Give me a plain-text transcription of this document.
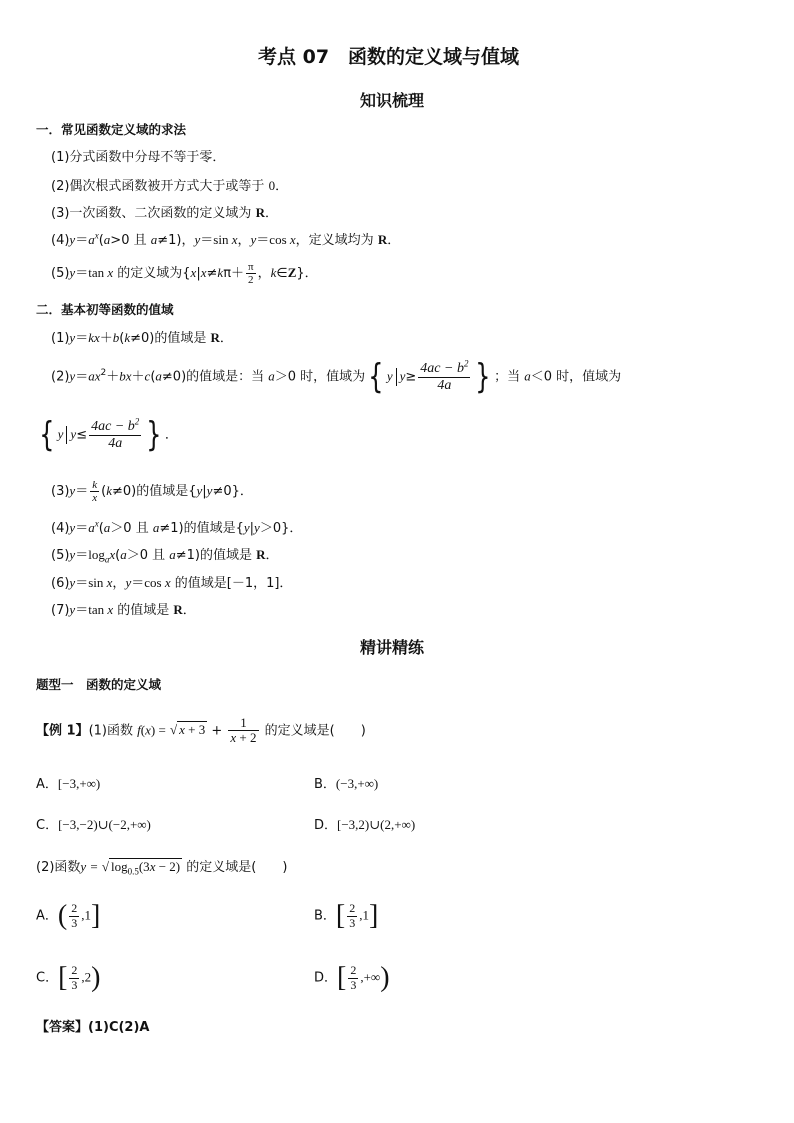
考点 07　函数的定义域与值域
知识梳理
一．常见函数定义域的求法
(1)分式函数中分母不等于零．
(2)偶次根式函数被开方式大于或等于 0．
(3)一次函数、二次函数的定义域为 R．
$(4)y=a^x(a>0$ 且 a≠1)，y＝sin x，y＝cos x，定义域均为 R．
(5)y＝tan x 的定义域为{$x|x\ne k\pi+ \frac{\pi}{2}$ ，k∈Z}．
二．基本初等函数的值域
(1)y＝kx＋b(k≠0)的值域是 R．
$(2)y=ax^2+bx+c(a\ne 0)$的值域是：当 a＞0 时，值域为{ y $y\ge \frac{4ac - b^2}{4a}$ } ；当 a＜0 时，值域为
{ y $y\le \frac{4ac - b^2}{4a}$ } ．
$(3)y= \frac{k}{x} (k\ne 0)$的值域是{y|y≠0}．
$(4)y=a^x(a>0$ 且 a≠1)的值域是{y|y＞0}．
$(5)y=\log_ax(a>0$ 且 a≠1)的值域是 R．
(6)y＝sin x，y＝cos x 的值域是[－1，1]．
(7)y＝tan x 的值域是 R．
精讲精练
题型一　函数的定义域
【例 1】(1)函数 f(x) = √ $x + 3 + \frac{1}{x + 2}$ 的定义域是(　　)
A．[−3,+∞)	B．(−3,+∞)
C．[−3,−2)∪(−2,+∞)	D．[−3,2)∪(2,+∞)
(2)函数y = √ $\log_{0.5}(3x - 2)$ 的定义域是(　　)
A．( $\frac{2}{3} ,1$]	B．[ $\frac{2}{3} ,1$]
C．[ $\frac{2}{3} ,2$)	D．[ $\frac{2}{3}$ ,+∞)
【答案】(1)C(2)A
